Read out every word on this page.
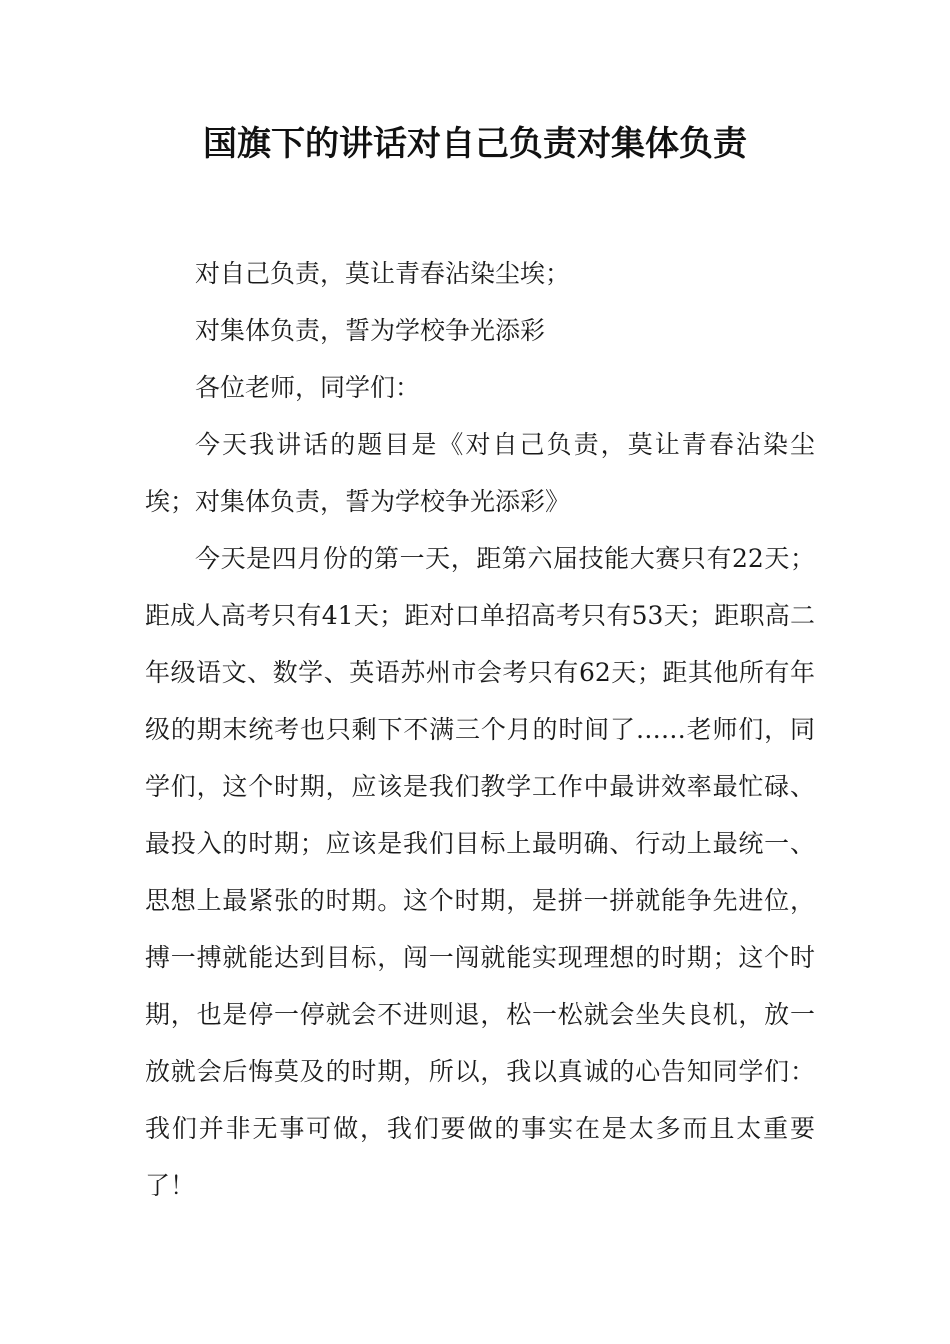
国旗下的讲话对自己负责对集体负责

对自己负责，莫让青春沾染尘埃；

对集体负责，誓为学校争光添彩

各位老师，同学们：

今天我讲话的题目是《对自己负责，莫让青春沾染尘埃；对集体负责，誓为学校争光添彩》

今天是四月份的第一天，距第六届技能大赛只有22天；距成人高考只有41天；距对口单招高考只有53天；距职高二年级语文、数学、英语苏州市会考只有62天；距其他所有年级的期末统考也只剩下不满三个月的时间了……老师们，同学们，这个时期，应该是我们教学工作中最讲效率最忙碌、最投入的时期；应该是我们目标上最明确、行动上最统一、思想上最紧张的时期。这个时期，是拼一拼就能争先进位，搏一搏就能达到目标，闯一闯就能实现理想的时期；这个时期，也是停一停就会不进则退，松一松就会坐失良机，放一放就会后悔莫及的时期，所以，我以真诚的心告知同学们：我们并非无事可做，我们要做的事实在是太多而且太重要了！
